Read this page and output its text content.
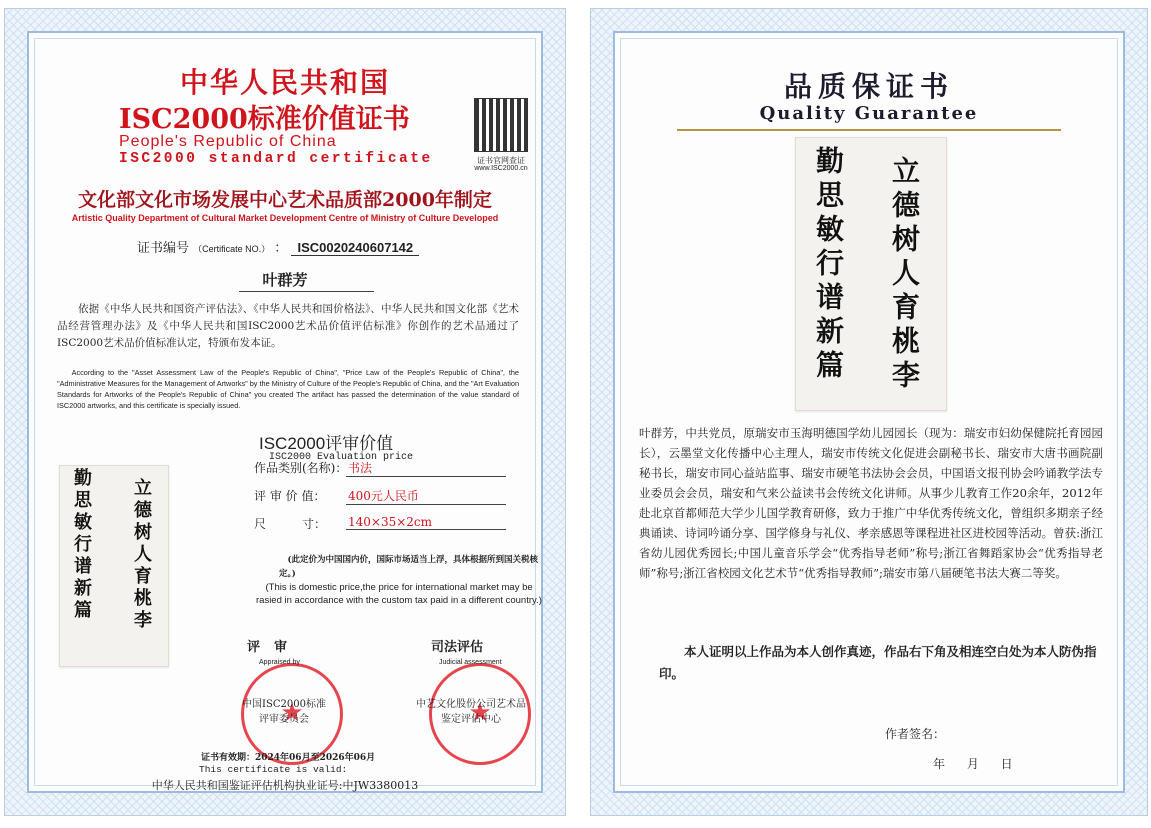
中华人民共和国
ISC2000标准价值证书
People's Republic of China
ISC2000 standard certificate	证书官网查证
www.ISC2000.cn
文化部文化市场发展中心艺术品质部2000年制定
Artistic Quality Department of Cultural Market Development Centre of Ministry of Culture Developed
证书编号 （Certificate NO.） ： ISC0020240607142
叶群芳
依据《中华人民共和国资产评估法》、《中华人民共和国价格法》、中华人民共和国文化部《艺术品经营管理办法》及《中华人民共和国ISC2000艺术品价值评估标准》你创作的艺术品通过了ISC2000艺术品价值标准认定，特颁布发本证。
According to the "Asset Assessment Law of the People's Republic of China", "Price Law of the People's Republic of China", the "Administrative Measures for the Management of Artworks" by the Ministry of Culture of the People's Republic of China, and the "Art Evaluation Standards for Artworks of the People's Republic of China" you created The artifact has passed the determination of the value standard of ISC2000 artworks, and this certificate is specially issued.
立德树人育桃李
勤思敏行谱新篇
ISC2000评审价值
ISC2000 Evaluation price
作品类别(名称)： 书法
评 审 价 值： 400元人民币
尺　　　寸： 140×35×2cm
(此定价为中国国内价，国际市场适当上浮，具体根据所到国关税核定。)
(This is domestic price,the price for international market may be rasied in accordance with the custom tax paid in a different country.)
评审	司法评估
★
★
Appraised by	Judicial assessment
中国ISC2000标准
评审委员会
中艺文化股份公司艺术品
鉴定评估中心
证书有效期：2024年06月至2026年06月
This certificate is valid:
中华人民共和国鉴证评估机构执业证号:中JW3380013
品质保证书
Quality Guarantee
立德树人育桃李
勤思敏行谱新篇
叶群芳，中共党员，原瑞安市玉海明德国学幼儿园园长（现为：瑞安市妇幼保健院托育园园长），云墨堂文化传播中心主理人，瑞安市传统文化促进会副秘书长、瑞安市大唐书画院副秘书长，瑞安市同心益站监事、瑞安市硬笔书法协会会员，中国语文报刊协会吟诵教学法专业委员会会员，瑞安和气来公益读书会传统文化讲师。从事少儿教育工作20余年，2012年赴北京首都师范大学少儿国学教育研修，致力于推广中华优秀传统文化，曾组织多期亲子经典诵读、诗词吟诵分享、国学修身与礼仪、孝亲感恩等课程进社区进校园等活动。曾获:浙江省幼儿园优秀园长;中国儿童音乐学会“优秀指导老师”称号;浙江省舞蹈家协会“优秀指导老师”称号;浙江省校园文化艺术节“优秀指导教师”;瑞安市第八届硬笔书法大赛二等奖。
本人证明以上作品为本人创作真迹，作品右下角及相连空白处为本人防伪指印。
作者签名：
年 月 日
